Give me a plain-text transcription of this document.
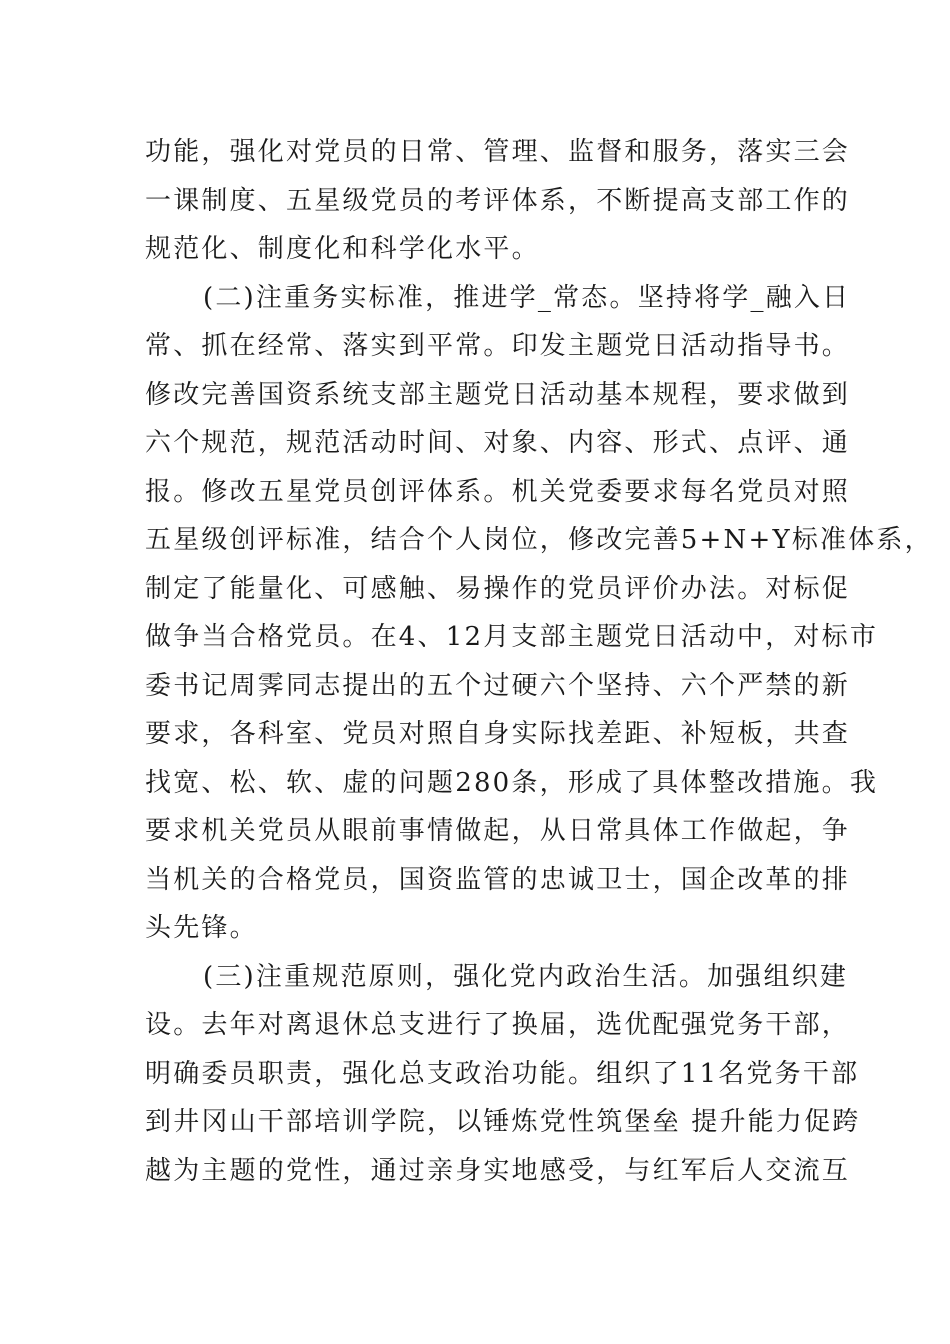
功能，强化对党员的日常、管理、监督和服务，落实三会
一课制度、五星级党员的考评体系，不断提高支部工作的
规范化、制度化和科学化水平。
(二)注重务实标准，推进学_常态。坚持将学_融入日
常、抓在经常、落实到平常。印发主题党日活动指导书。
修改完善国资系统支部主题党日活动基本规程，要求做到
六个规范，规范活动时间、对象、内容、形式、点评、通
报。修改五星党员创评体系。机关党委要求每名党员对照
五星级创评标准，结合个人岗位，修改完善5+N+Y标准体系，
制定了能量化、可感触、易操作的党员评价办法。对标促
做争当合格党员。在4、12月支部主题党日活动中，对标市
委书记周霁同志提出的五个过硬六个坚持、六个严禁的新
要求，各科室、党员对照自身实际找差距、补短板，共查
找宽、松、软、虚的问题280条，形成了具体整改措施。我
要求机关党员从眼前事情做起，从日常具体工作做起，争
当机关的合格党员，国资监管的忠诚卫士，国企改革的排
头先锋。
(三)注重规范原则，强化党内政治生活。加强组织建
设。去年对离退休总支进行了换届，选优配强党务干部，
明确委员职责，强化总支政治功能。组织了11名党务干部
到井冈山干部培训学院，以锤炼党性筑堡垒 提升能力促跨
越为主题的党性，通过亲身实地感受，与红军后人交流互
